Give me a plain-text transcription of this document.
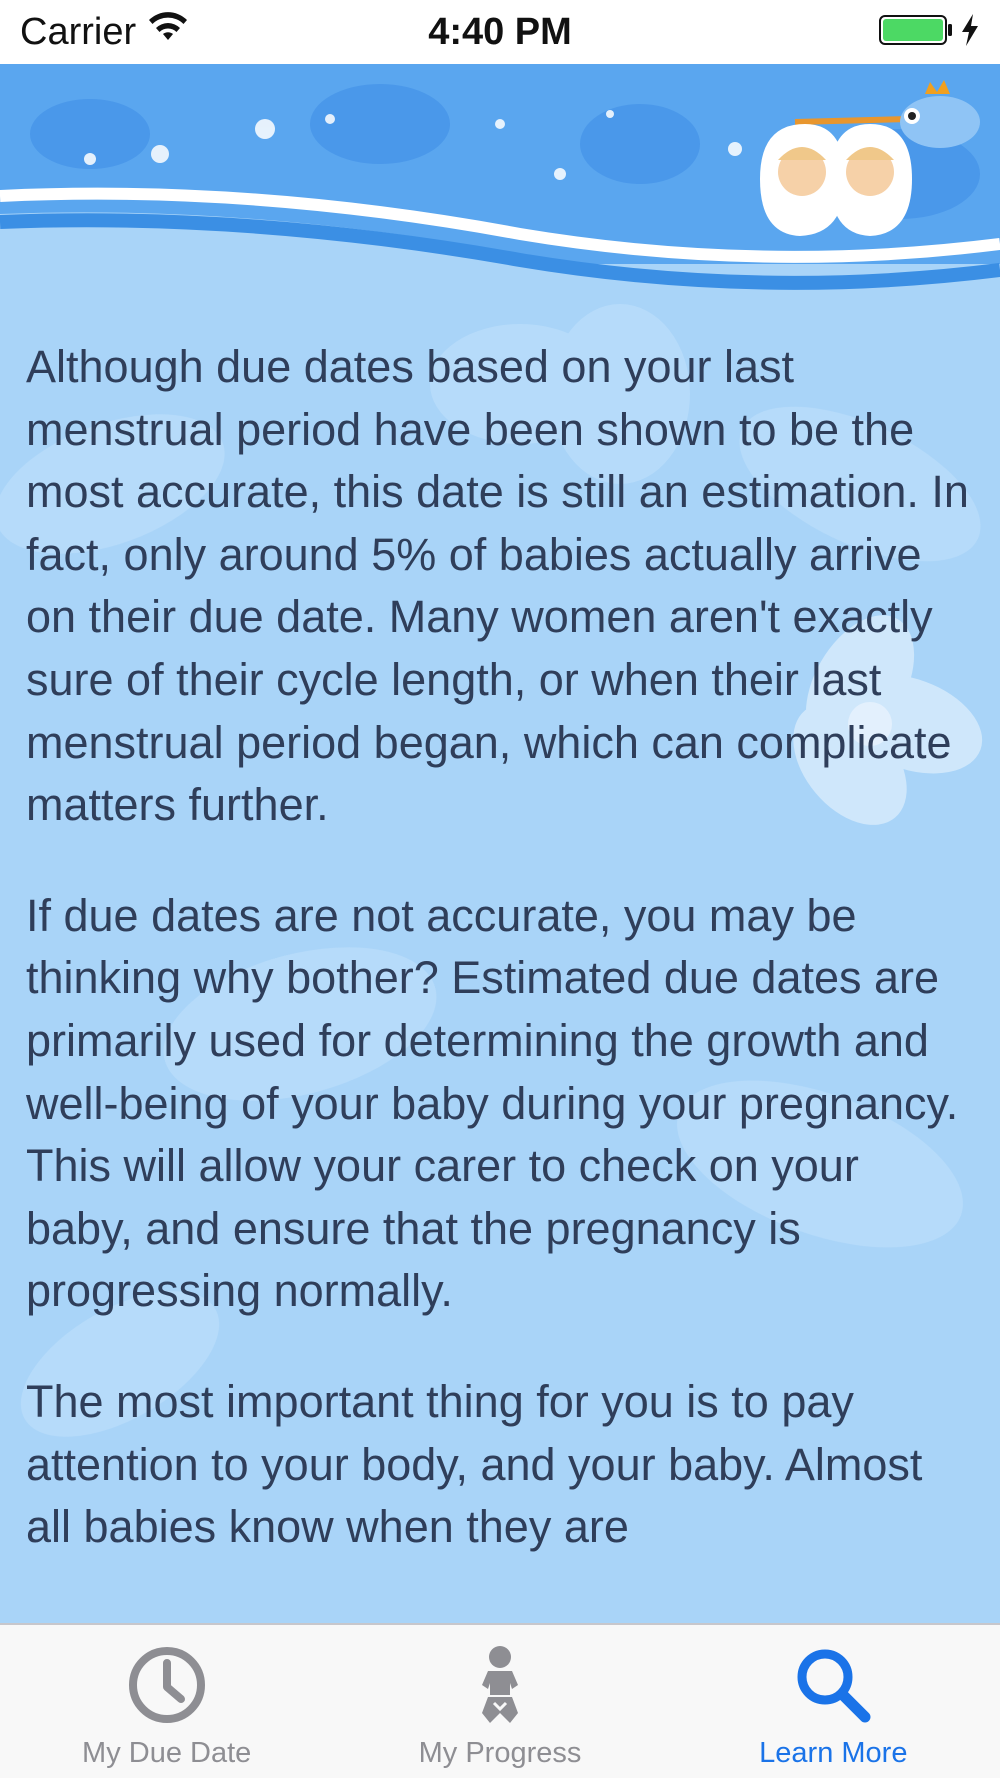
Carrier	4:40 PM

Although due dates based on your last menstrual period have been shown to be the most accurate, this date is still an estimation. In fact, only around 5% of babies actually arrive on their due date. Many women aren't exactly sure of their cycle length, or when their last menstrual period began, which can complicate matters further.

If due dates are not accurate, you may be thinking why bother? Estimated due dates are primarily used for determining the growth and well-being of your baby during your pregnancy. This will allow your carer to check on your baby, and ensure that the pregnancy is progressing normally.

The most important thing for you is to pay attention to your body, and your baby. Almost all babies know when they are

My Due Date	My Progress	Learn More
